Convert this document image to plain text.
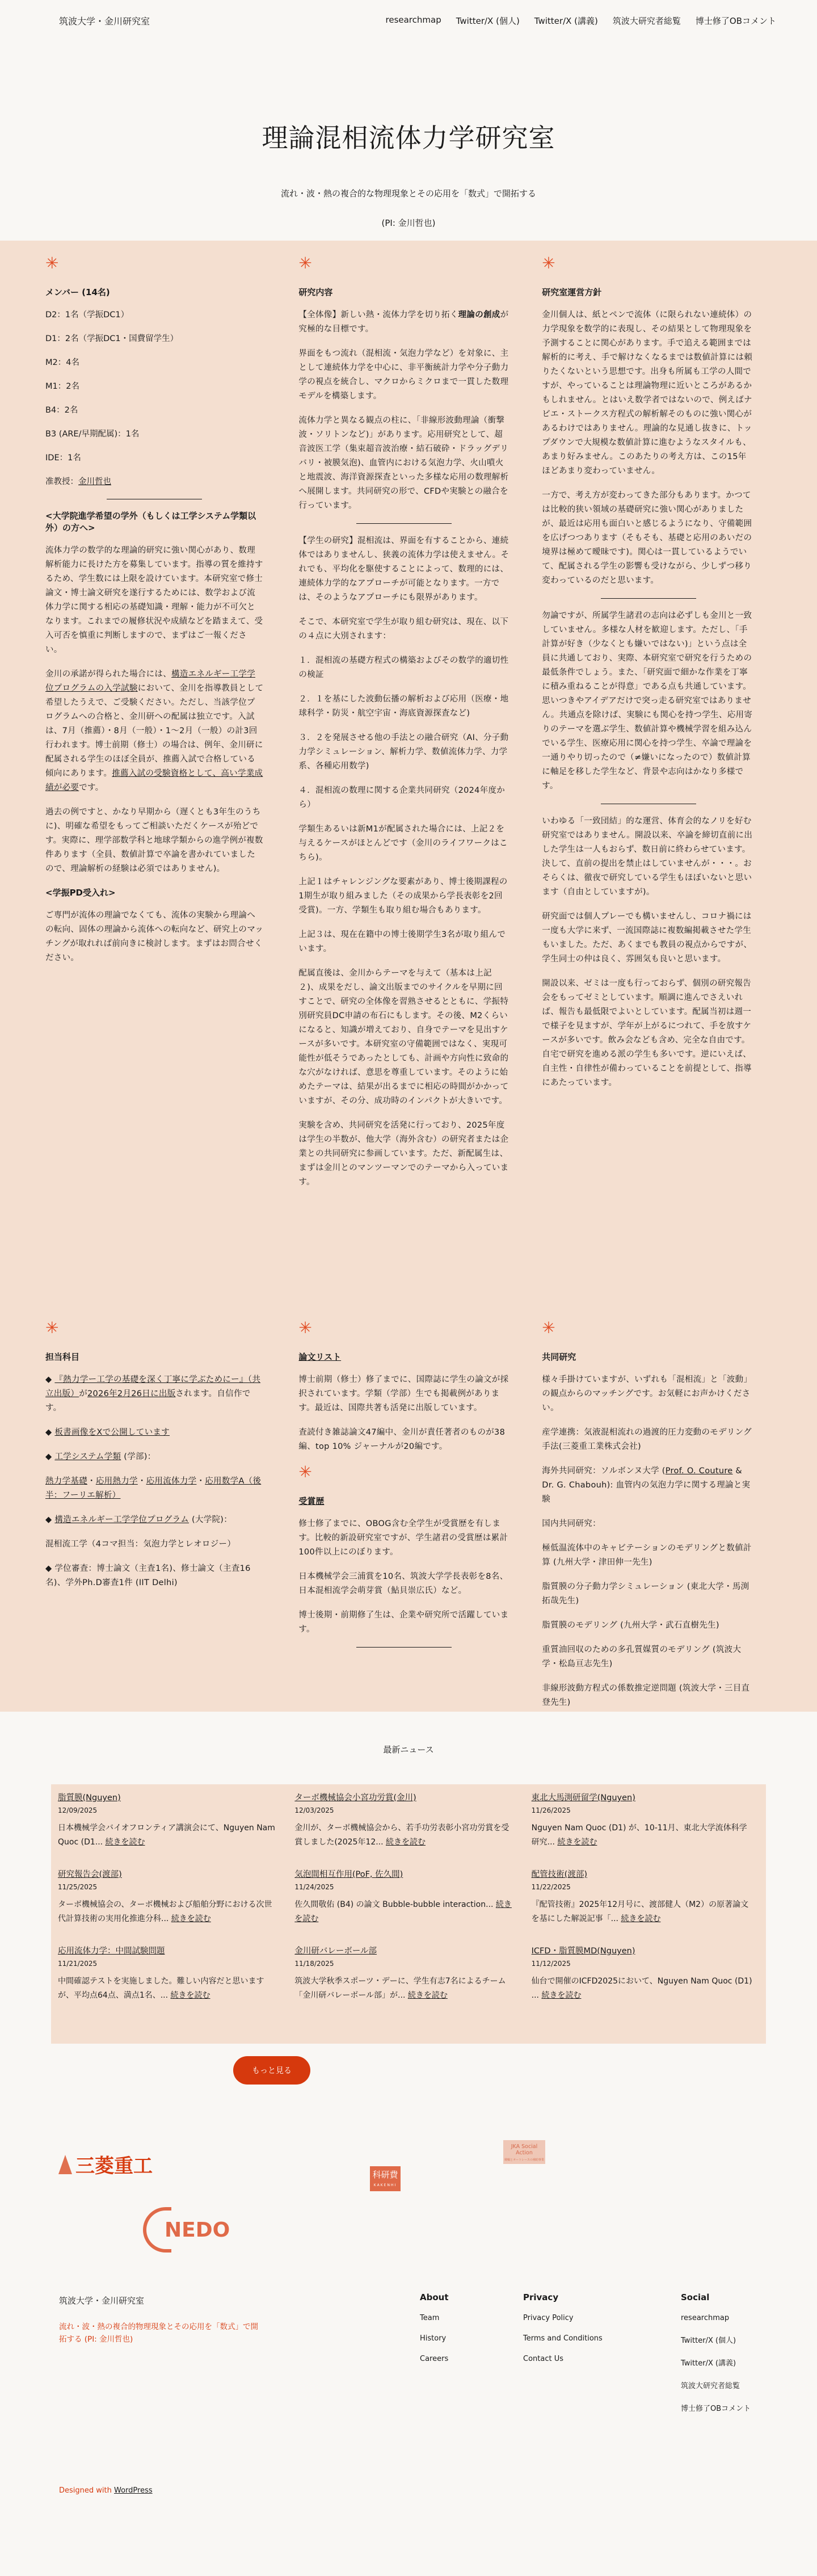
筑波大学・金川研究室	researchmap Twitter/X (個人) Twitter/X (講義) 筑波大研究者総覧 博士修了OBコメント
理論混相流体力学研究室
流れ・波・熱の複合的な物理現象とその応用を「数式」で開拓する
(PI: 金川哲也)
✳
メンバー (14名)
D2：1名（学振DC1）
D1：2名（学振DC1・国費留学生）
M2：4名
M1：2名
B4：2名
B3 (ARE/早期配属)：1名
IDE：1名
准教授：金川哲也
<大学院進学希望の学外（もしくは工学システム学類以外）の方へ>

流体力学の数学的な理論的研究に強い関心があり、数理解析能力に長けた方を募集しています。指導の質を維持するため、学生数には上限を設けています。本研究室で修士論文・博士論文研究を遂行するためには、数学および流体力学に関する相応の基礎知識・理解・能力が不可欠となります。これまでの履修状況や成績などを踏まえて、受入可否を慎重に判断しますので、まずはご一報ください。

金川の承諾が得られた場合には、構造エネルギー工学学位プログラムの入学試験において、金川を指導教員として希望したうえで、ご受験ください。ただし、当該学位プログラムへの合格と、金川研への配属は独立です。入試は、7月（推薦）・8月（一般）・1〜2月（一般）の計3回行われます。博士前期（修士）の場合は、例年、金川研に配属される学生のほぼ全員が、推薦入試で合格している傾向にあります。推薦入試の受験資格として、高い学業成績が必要です。

過去の例ですと、かなり早期から（遅くとも3年生のうちに)、明確な希望をもってご相談いただくケースが殆どです。実際に、理学部数学科と地球学類からの進学例が複数件あります（全員、数値計算で卒論を書かれていましたので、理論解析の経験は必須ではありません)。

<学振PD受入れ>

ご専門が流体の理論でなくても、流体の実験から理論への転向、固体の理論から流体への転向など、研究上のマッチングが取れれば前向きに検討します。まずはお問合せください。

✳
研究内容

【全体像】新しい熱・流体力学を切り拓く理論の創成が究極的な目標です。

界面をもつ流れ（混相流・気泡力学など）を対象に、主として連続体力学を中心に、非平衡統計力学や分子動力学の視点を統合し、マクロからミクロまで一貫した数理モデルを構築します。

流体力学と異なる観点の柱に、「非線形波動理論（衝撃波・ソリトンなど)」があります。応用研究として、超音波医工学（集束超音波治療・結石破砕・ドラッグデリバリ・被膜気泡)、血管内における気泡力学、火山噴火と地震波、海洋資源探査といった多様な応用の数理解析へ展開します。共同研究の形で、CFDや実験との融合を行っています。

【学生の研究】混相流は、界面を有することから、連続体ではありませんし、狭義の流体力学は使えません。それでも、平均化を駆使することによって、数理的には、連続体力学的なアプローチが可能となります。一方では、そのようなアプローチにも限界があります。

そこで、本研究室で学生が取り組む研究は、現在、以下の４点に大別されます：

１．混相流の基礎方程式の構築およびその数学的適切性の検証

２．１を基にした波動伝播の解析および応用（医療・地球科学・防災・航空宇宙・海底資源探査など)

３．２を発展させる他の手法との融合研究（AI、分子動力学シミュレーション、解析力学、数値流体力学、力学系、各種応用数学)

４．混相流の数理に関する企業共同研究（2024年度から）

学類生あるいは新M1が配属された場合には、上記２を与えるケースがほとんどです（金川のライフワークはこちら)。

上記１はチャレンジングな要素があり、博士後期課程の1期生が取り組みました（その成果から学長表彰を2回受賞)。一方、学類生も取り組む場合もあります。

上記３は、現在在籍中の博士後期学生3名が取り組んでいます。

配属直後は、金川からテーマを与えて（基本は上記２)、成果をだし、論文出版までのサイクルを早期に回すことで、研究の全体像を習熟させるとともに、学振特別研究員DC申請の布石にもします。その後、M2くらいになると、知識が増えており、自身でテーマを見出すケースが多いです。本研究室の守備範囲ではなく、実現可能性が低そうであったとしても、計画や方向性に致命的な穴がなければ、意思を尊重しています。そのように始めたテーマは、結果が出るまでに相応の時間がかかっていますが、その分、成功時のインパクトが大きいです。

実験を含め、共同研究を活発に行っており、2025年度は学生の半数が、他大学（海外含む）の研究者または企業との共同研究に参画しています。ただ、新配属生は、まずは金川とのマンツーマンでのテーマから入っています。

✳
研究室運営方針

金川個人は、紙とペンで流体（に限られない連続体）の力学現象を数学的に表現し、その結果として物理現象を予測することに関心があります。手で追える範囲までは解析的に考え、手で解けなくなるまでは数値計算には頼りたくないという思想です。出身も所属も工学の人間ですが、やっていることは理論物理に近いところがあるかもしれません。とはいえ数学者ではないので、例えばナビエ・ストークス方程式の解析解そのものに強い関心があるわけではありません。理論的な見通し抜きに、トップダウンで大規模な数値計算に進むようなスタイルも、あまり好みません。このあたりの考え方は、この15年ほどあまり変わっていません。

一方で、考え方が変わってきた部分もあります。かつては比較的狭い領域の基礎研究に強い関心がありましたが、最近は応用も面白いと感じるようになり、守備範囲を広げつつあります（そもそも、基礎と応用のあいだの境界は極めて曖昧です)。関心は一貫しているようでいて、配属される学生の影響も受けながら、少しずつ移り変わっているのだと思います。

勿論ですが、所属学生諸君の志向は必ずしも金川と一致していません。多様な人材を歓迎します。ただし、「手計算が好き（少なくとも嫌いではない)」という点は全員に共通しており、実際、本研究室で研究を行うための最低条件でしょう。また、「研究面で細かな作業を丁寧に積み重ねることが得意」である点も共通しています。思いつきやアイデアだけで突っ走る研究室ではありません。共通点を除けば、実験にも関心を持つ学生、応用寄りのテーマを選ぶ学生、数値計算や機械学習を組み込んでいる学生、医療応用に関心を持つ学生、卒論で理論を一通りやり切ったので（≠嫌いになったので）数値計算に軸足を移した学生など、背景や志向はかなり多様です。

いわゆる「一致団結」的な運営、体育会的なノリを好む研究室ではありません。開設以来、卒論を締切直前に出した学生は一人もおらず、数日前に終わらせています。決して、直前の提出を禁止はしていませんが・・・。おそらくは、徹夜で研究している学生もほぼいないと思います（自由としていますが)。

研究面では個人プレーでも構いませんし、コロナ禍には一度も大学に来ず、一流国際誌に複数編掲載させた学生もいました。ただ、あくまでも教員の視点からですが、学生同士の仲は良く、雰囲気も良いと思います。

開設以来、ゼミは一度も行っておらず、個別の研究報告会をもってゼミとしています。順調に進んでさえいれば、報告も最低限でよいとしています。配属当初は週一で様子を見ますが、学年が上がるにつれて、手を放すケースが多いです。飲み会なども含め、完全な自由です。自宅で研究を進める派の学生も多いです。逆にいえば、自主性・自律性が備わっていることを前提として、指導にあたっています。

✳
担当科目

◆ 『熱力学ー工学の基礎を深く丁寧に学ぶためにー』（共立出版）が2026年2月26日に出版されます。自信作です。

◆ 板書画像をXで公開しています

◆ 工学システム学類 (学部)：

熱力学基礎・応用熱力学・応用流体力学・応用数学A（後半：フーリエ解析）

◆ 構造エネルギー工学学位プログラム (大学院)：

混相流工学（4コマ担当：気泡力学とレオロジー）

◆ 学位審査：博士論文（主査1名)、修士論文（主査16名)、学外Ph.D審査1件 (IIT Delhi)

✳
論文リスト

博士前期（修士）修了までに、国際誌に学生の論文が採択されています。学類（学部）生でも掲載例があります。最近は、国際共著も活発に出版しています。

査読付き雑誌論文47編中、金川が責任著者のものが38編、top 10% ジャーナルが20編です。

✳
受賞歴

修士修了までに、OBOG含む全学生が受賞歴を有します。比較的新設研究室ですが、学生諸君の受賞歴は累計100件以上にのぼります。

日本機械学会三浦賞を10名、筑波大学学長表彰を8名、日本混相流学会萌芽賞（鮎貝崇広氏）など。

博士後期・前期修了生は、企業や研究所で活躍しています。

✳
共同研究

様々手掛けていますが、いずれも「混相流」と「波動」の観点からのマッチングです。お気軽にお声かけください。

産学連携：気液混相流れの過渡的圧力変動のモデリング手法(三菱重工業株式会社)

海外共同研究：ソルボンヌ大学 (Prof. O. Couture & Dr. G. Chabouh): 血管内の気泡力学に関する理論と実験

国内共同研究：

極低温流体中のキャビテーションのモデリングと数値計算 (九州大学・津田伸一先生)

脂質膜の分子動力学シミュレーション (東北大学・馬渕拓哉先生)

脂質膜のモデリング (九州大学・武石直樹先生)

重質油回収のための多孔質媒質のモデリング (筑波大学・松島亘志先生)

非線形波動方程式の係数推定逆問題 (筑波大学・三目直登先生)

最新ニュース
脂質膜(Nguyen)
12/09/2025
日本機械学会バイオフロンティア講演会にて、Nguyen Nam Quoc (D1... 続きを読む
ターボ機械協会小宮功労賞(金川)
12/03/2025
金川が、ターボ機械協会から、若手功労表彰小宮功労賞を受賞しました(2025年12... 続きを読む
東北大馬渕研留学(Nguyen)
11/26/2025
Nguyen Nam Quoc (D1) が、10-11月、東北大学流体科学研究... 続きを読む
研究報告会(渡部)
11/25/2025
ターボ機械協会の、ターボ機械および船舶分野における次世代計算技術の実用化推進分科... 続きを読む
気泡間相互作用(PoF, 佐久間)
11/24/2025
佐久間敬佑 (B4) の論文 Bubble-bubble interaction... 続きを読む
配管技術(渡部)
11/22/2025
『配管技術』2025年12月号に、渡部健人（M2）の原著論文を基にした解説記事「... 続きを読む
応用流体力学：中間試験問題
11/21/2025
中間確認テストを実施しました。難しい内容だと思いますが、平均点64点、満点1名、... 続きを読む
金川研バレーボール部
11/18/2025
筑波大学秋季スポーツ・デーに、学生有志7名によるチーム「金川研バレーボール部」が... 続きを読む
ICFD・脂質膜MD(Nguyen)
11/12/2025
仙台で開催のICFD2025において、Nguyen Nam Quoc (D1) ... 続きを読む
もっと見る
三菱重工	科研費
KAKENHI
JKA Social Action
競輪とオートレースの補助事業
NEDO
筑波大学・金川研究室
流れ・波・熱の複合的物理現象とその応用を「数式」で開拓する (PI: 金川哲也)
About
Team
History
Careers
Privacy
Privacy Policy
Terms and Conditions
Contact Us
Social
researchmap
Twitter/X (個人)
Twitter/X (講義)
筑波大研究者総覧
博士修了OBコメント
Designed with WordPress
